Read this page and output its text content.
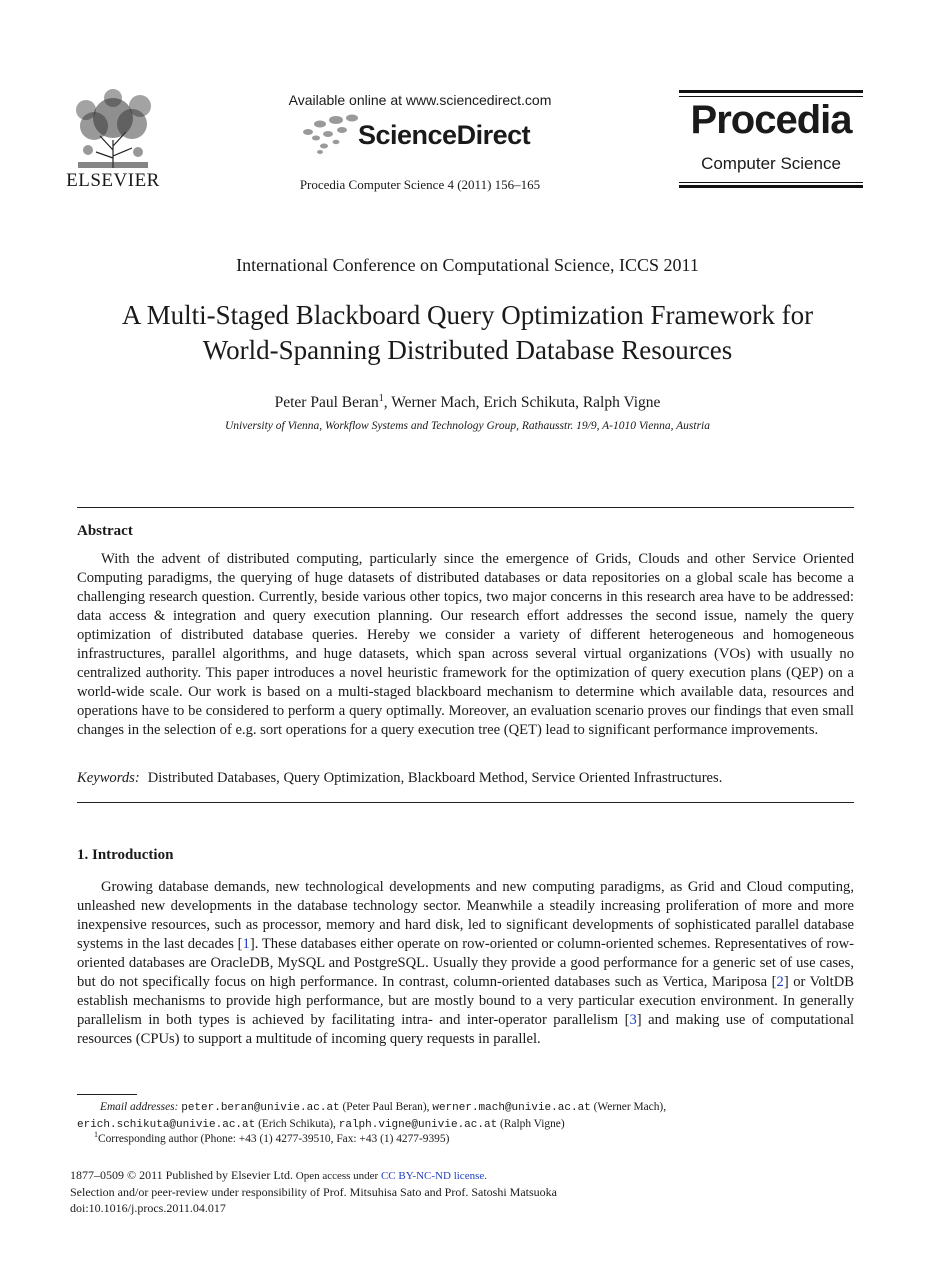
ELSEVIER
Available online at www.sciencedirect.com
ScienceDirect
Procedia Computer Science 4 (2011) 156–165
Procedia
Computer Science
International Conference on Computational Science, ICCS 2011
A Multi-Staged Blackboard Query Optimization Framework for
World-Spanning Distributed Database Resources
Peter Paul Beran$^1$, Werner Mach, Erich Schikuta, Ralph Vigne
University of Vienna, Workflow Systems and Technology Group, Rathausstr. 19/9, A-1010 Vienna, Austria
Abstract
With the advent of distributed computing, particularly since the emergence of Grids, Clouds and other Service Oriented Computing paradigms, the querying of huge datasets of distributed databases or data repositories on a global scale has become a challenging research question. Currently, beside various other topics, two major concerns in this research area have to be addressed: data access & integration and query execution planning. Our research effort addresses the second issue, namely the query optimization of distributed database queries. Hereby we consider a variety of different heterogeneous and homogeneous infrastructures, parallel algorithms, and huge datasets, which span across several virtual organizations (VOs) with usually no centralized authority. This paper introduces a novel heuristic framework for the optimization of query execution plans (QEP) on a world-wide scale. Our work is based on a multi-staged blackboard mechanism to determine which available data, resources and operations have to be considered to perform a query optimally. Moreover, an evaluation scenario proves our findings that even small changes in the selection of e.g. sort operations for a query execution tree (QET) lead to significant performance improvements.
Keywords: Distributed Databases, Query Optimization, Blackboard Method, Service Oriented Infrastructures.
1. Introduction
Growing database demands, new technological developments and new computing paradigms, as Grid and Cloud computing, unleashed new developments in the database technology sector. Meanwhile a steadily increasing proliferation of more and more inexpensive resources, such as processor, memory and hard disk, led to significant developments of sophisticated parallel database systems in the last decades [1]. These databases either operate on row-oriented or column-oriented schemes. Representatives of row-oriented databases are OracleDB, MySQL and PostgreSQL. Usually they provide a good performance for a generic set of use cases, but do not specifically focus on high performance. In contrast, column-oriented databases such as Vertica, Mariposa [2] or VoltDB establish mechanisms to provide high performance, but are mostly bound to a very particular execution environment. In generally parallelism in both types is achieved by facilitating intra- and inter-operator parallelism [3] and making use of computational resources (CPUs) to support a multitude of incoming query requests in parallel.
Email addresses: peter.beran@univie.ac.at (Peter Paul Beran), werner.mach@univie.ac.at (Werner Mach),
erich.schikuta@univie.ac.at (Erich Schikuta), ralph.vigne@univie.ac.at (Ralph Vigne)
$^1$Corresponding author (Phone: +43 (1) 4277-39510, Fax: +43 (1) 4277-9395)
1877–0509 © 2011 Published by Elsevier Ltd. Open access under CC BY-NC-ND license.
Selection and/or peer-review under responsibility of Prof. Mitsuhisa Sato and Prof. Satoshi Matsuoka
doi:10.1016/j.procs.2011.04.017
